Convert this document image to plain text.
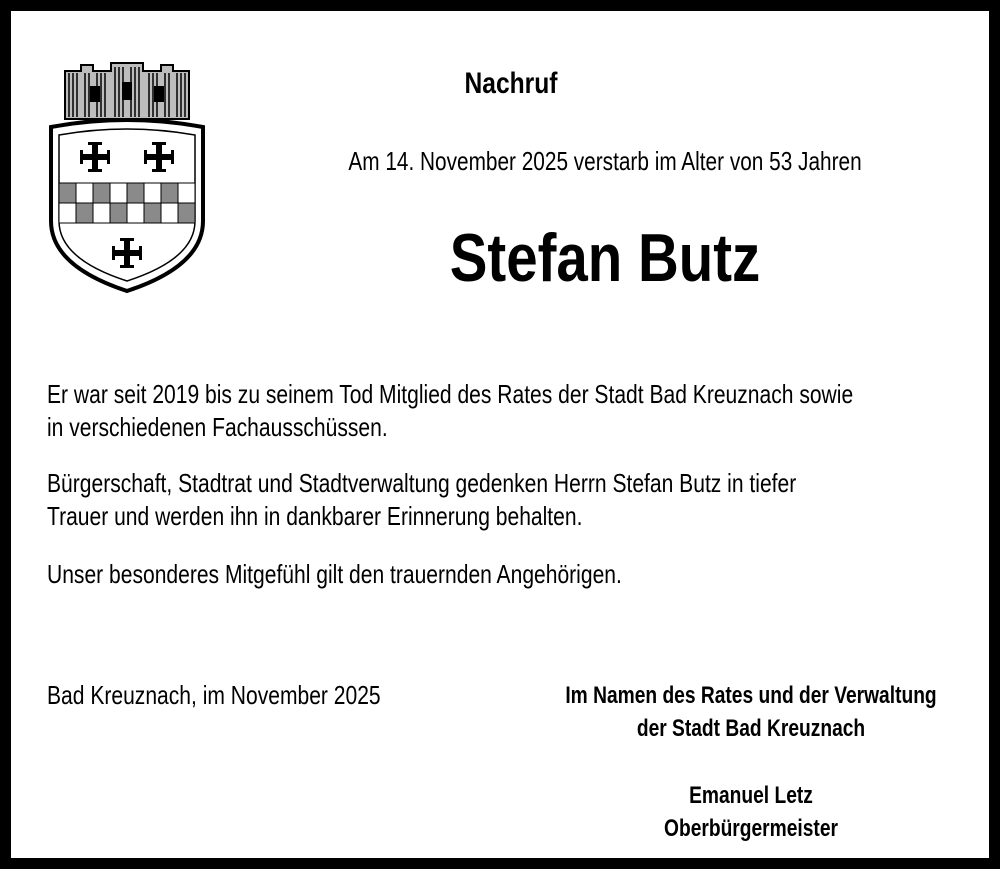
Nachruf
Am 14. November 2025 verstarb im Alter von 53 Jahren
Stefan Butz
Er war seit 2019 bis zu seinem Tod Mitglied des Rates der Stadt Bad Kreuznach sowie
in verschiedenen Fachausschüssen.
Bürgerschaft, Stadtrat und Stadtverwaltung gedenken Herrn Stefan Butz in tiefer
Trauer und werden ihn in dankbarer Erinnerung behalten.
Unser besonderes Mitgefühl gilt den trauernden Angehörigen.
Bad Kreuznach, im November 2025	Im Namen des Rates und der Verwaltung
der Stadt Bad Kreuznach
Emanuel Letz
Oberbürgermeister
